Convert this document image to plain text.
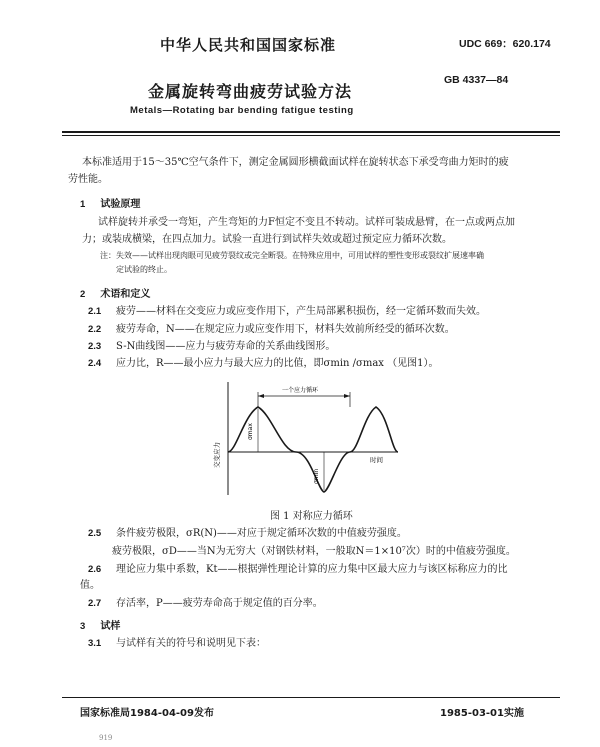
中华人民共和国国家标准	UDC 669：620.174
金属旋转弯曲疲劳试验方法
GB 4337—84
Metals—Rotating bar bending fatigue testing
本标准适用于15～35℃空气条件下，测定金属圆形横截面试样在旋转状态下承受弯曲力矩时的疲
劳性能。
1 试验原理
试样旋转并承受一弯矩，产生弯矩的力F恒定不变且不转动。试样可装成悬臂，在一点或两点加
力；或装成横梁，在四点加力。试验一直进行到试样失效或超过预定应力循环次数。
注：失效——试样出现肉眼可见疲劳裂纹或完全断裂。在特殊应用中，可用试样的塑性变形或裂纹扩展速率确
定试验的终止。
2 术语和定义
2.1 疲劳——材料在交变应力或应变作用下，产生局部累积损伤，经一定循环数而失效。
2.2 疲劳寿命，N——在规定应力或应变作用下，材料失效前所经受的循环次数。
2.3 S-N曲线图——应力与疲劳寿命的关系曲线图形。
2.4 应力比，R——最小应力与最大应力的比值，即σmin /σmax （见图1）。
一个应力循环
σmax
σmin
交变应力	时间
图 1 对称应力循环
2.5 条件疲劳极限，σR(N)——对应于规定循环次数的中值疲劳强度。
疲劳极限，σD——当N为无穷大（对钢铁材料，一般取N＝1×10⁷次）时的中值疲劳强度。
2.6 理论应力集中系数，Kt——根据弹性理论计算的应力集中区最大应力与该区标称应力的比
值。
2.7 存活率，P——疲劳寿命高于规定值的百分率。
3 试样
3.1 与试样有关的符号和说明见下表：
国家标准局1984-04-09发布	1985-03-01实施
919
